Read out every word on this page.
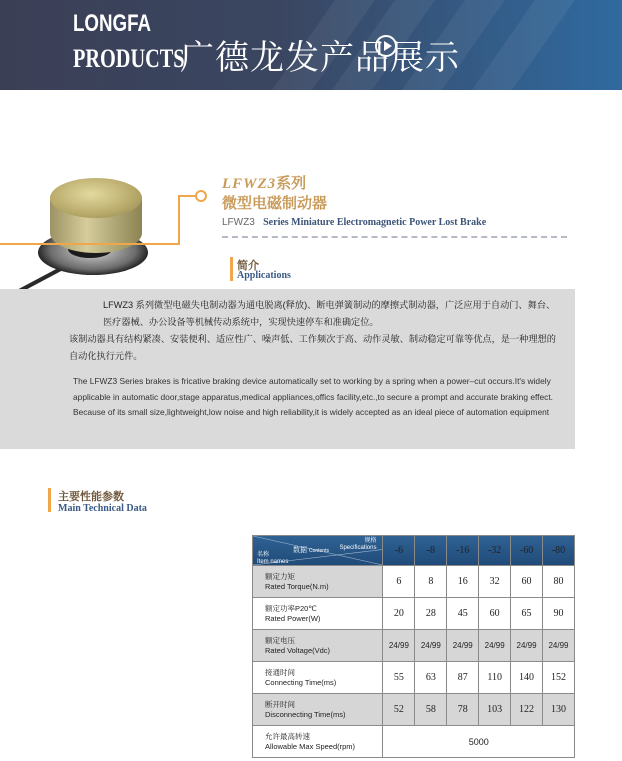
LONGFA
PRODUCTS
广德龙发产品展示
LFWZ3系列
微型电磁制动器
LFWZ3 Series Miniature Electromagnetic Power Lost Brake
简介
Applications

LFWZ3 系列微型电磁失电制动器为通电脱离(释放)、断电弹簧制动的摩擦式制动器，广泛应用于自动门、舞台、医疗器械、办公设备等机械传动系统中，实现快速停车和准确定位。

该制动器具有结构紧凑、安装便利、适应性广、噪声低、工作频次于高、动作灵敏、制动稳定可靠等优点，是一种理想的自动化执行元件。

The LFWZ3 Series brakes is fricative braking device automatically set to working by a spring when a power–cut occurs.It's widely applicable in automatic door,stage apparatus,medical appliances,offics facility,etc.,to secure a prompt and accurate braking effect.

Because of its small size,lightweight,low noise and high reliability,it is widely accepted as an ideal piece of automation equipment

主要性能参数
Main Technical Data
规格
Specifications
数据 Contents
名称
Item names	-6	-8	-16	-32	-60	-80
额定力矩
Rated Torque(N.m)	6	8	16	32	60	80
额定功率P20℃
Rated Power(W)	20	28	45	60	65	90
额定电压
Rated Voltage(Vdc)	24/99	24/99	24/99	24/99	24/99	24/99
接通时间
Connecting Time(ms)	55	63	87	110	140	152
断开时间
Disconnecting Time(ms)	52	58	78	103	122	130
允许最高转速
Allowable Max Speed(rpm)	5000					
